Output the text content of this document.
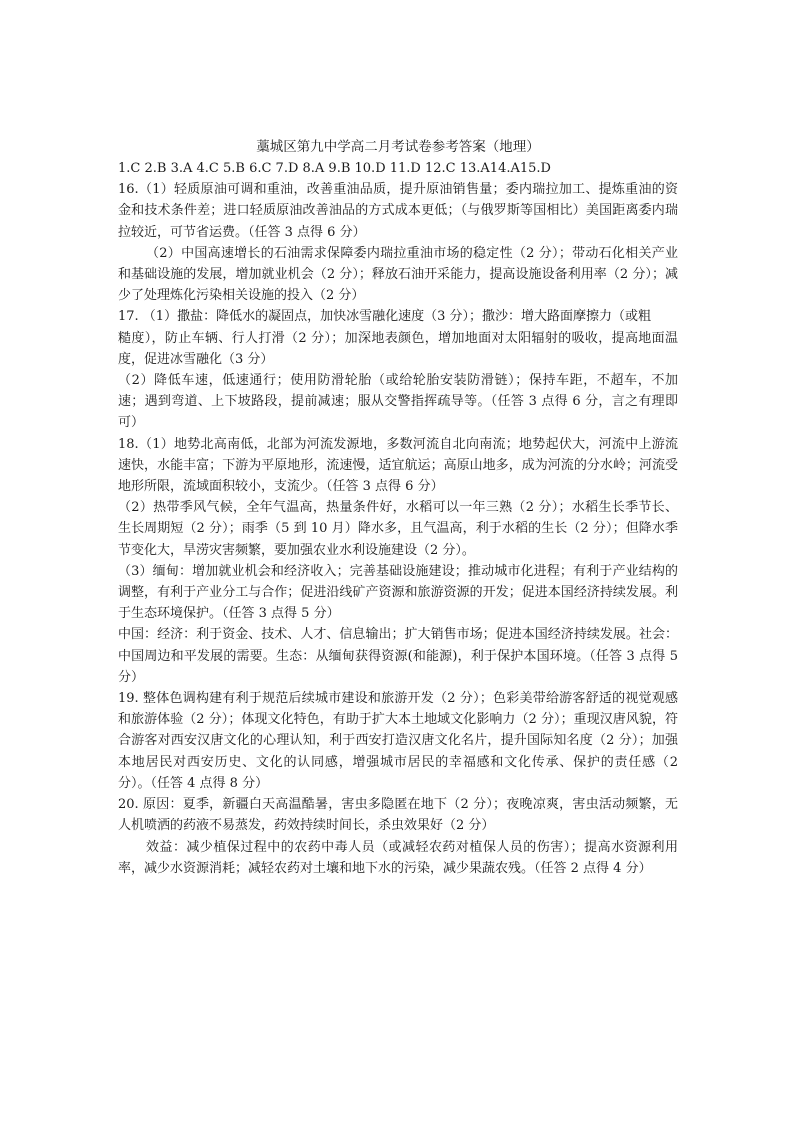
藁城区第九中学高二月考试卷参考答案（地理）

1.C 2.B 3.A 4.C 5.B 6.C 7.D 8.A 9.B 10.D 11.D 12.C 13.A14.A15.D

16.（1）轻质原油可调和重油，改善重油品质，提升原油销售量；委内瑞拉加工、提炼重油的资金和技术条件差；进口轻质原油改善油品的方式成本更低；（与俄罗斯等国相比）美国距离委内瑞拉较近，可节省运费。（任答 3 点得 6 分）

（2）中国高速增长的石油需求保障委内瑞拉重油市场的稳定性（2 分）；带动石化相关产业和基础设施的发展，增加就业机会（2 分）；释放石油开采能力，提高设施设备利用率（2 分）；减少了处理炼化污染相关设施的投入（2 分）

17. （1）撒盐：降低水的凝固点，加快冰雪融化速度（3 分）；撒沙：增大路面摩擦力（或粗

糙度），防止车辆、行人打滑（2 分）；加深地表颜色，增加地面对太阳辐射的吸收，提高地面温度，促进冰雪融化（3 分）

（2）降低车速，低速通行；使用防滑轮胎（或给轮胎安装防滑链）；保持车距，不超车，不加速；遇到弯道、上下坡路段，提前减速；服从交警指挥疏导等。（任答 3 点得 6 分，言之有理即可）

18.（1）地势北高南低，北部为河流发源地，多数河流自北向南流；地势起伏大，河流中上游流速快，水能丰富；下游为平原地形，流速慢，适宜航运；高原山地多，成为河流的分水岭；河流受地形所限，流域面积较小，支流少。（任答 3 点得 6 分）

（2）热带季风气候，全年气温高，热量条件好，水稻可以一年三熟（2 分）；水稻生长季节长、生长周期短（2 分）；雨季（5 到 10 月）降水多，且气温高，利于水稻的生长（2 分）；但降水季节变化大，旱涝灾害频繁，要加强农业水利设施建设（2 分）。

（3）缅甸：增加就业机会和经济收入；完善基础设施建设；推动城市化进程；有利于产业结构的调整，有利于产业分工与合作；促进沿线矿产资源和旅游资源的开发；促进本国经济持续发展。利于生态环境保护。（任答 3 点得 5 分）

中国：经济：利于资金、技术、人才、信息输出；扩大销售市场；促进本国经济持续发展。社会：中国周边和平发展的需要。生态：从缅甸获得资源(和能源)，利于保护本国环境。（任答 3 点得 5 分）

19. 整体色调构建有利于规范后续城市建设和旅游开发（2 分）；色彩美带给游客舒适的视觉观感和旅游体验（2 分）；体现文化特色，有助于扩大本土地域文化影响力（2 分）；重现汉唐风貌，符合游客对西安汉唐文化的心理认知，利于西安打造汉唐文化名片，提升国际知名度（2 分）；加强本地居民对西安历史、文化的认同感，增强城市居民的幸福感和文化传承、保护的责任感（2 分）。（任答 4 点得 8 分）

20. 原因：夏季，新疆白天高温酷暑，害虫多隐匿在地下（2 分）；夜晚凉爽，害虫活动频繁，无人机喷洒的药液不易蒸发，药效持续时间长，杀虫效果好（2 分）

效益：减少植保过程中的农药中毒人员（或减轻农药对植保人员的伤害）；提高水资源利用率，减少水资源消耗；减轻农药对土壤和地下水的污染，减少果蔬农残。（任答 2 点得 4 分）
